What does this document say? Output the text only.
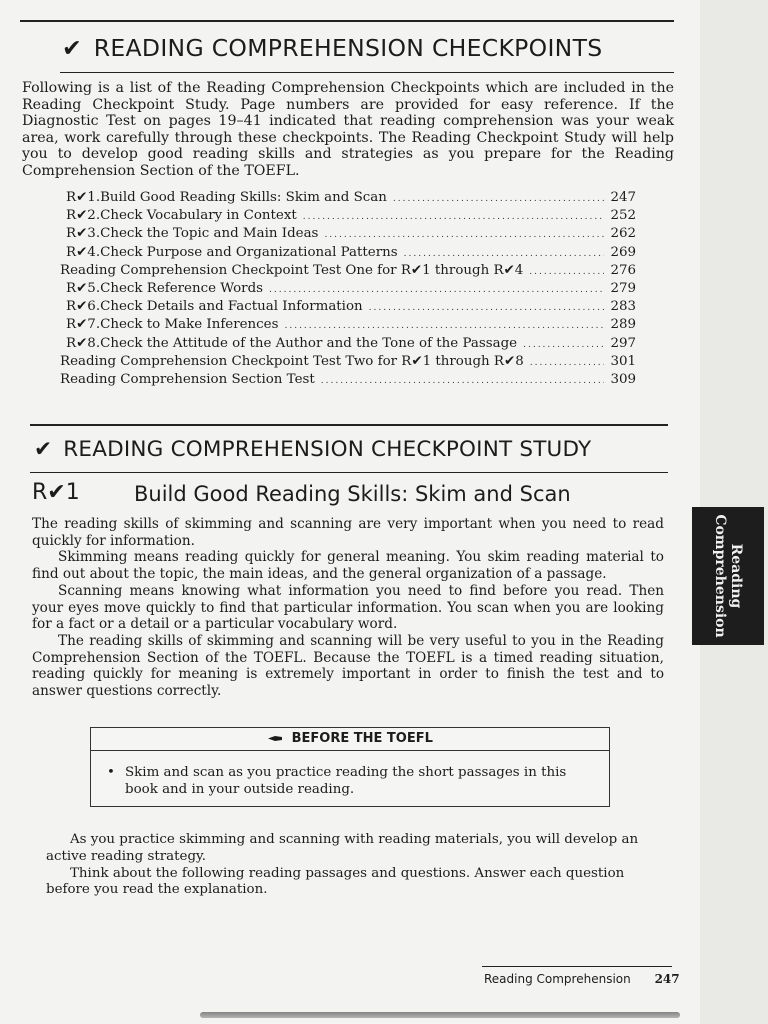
✔ READING COMPREHENSION CHECKPOINTS
Following is a list of the Reading Comprehension Checkpoints which are included in the Reading Checkpoint Study. Page numbers are provided for easy reference. If the Diagnostic Test on pages 19–41 indicated that reading comprehension was your weak area, work carefully through these checkpoints. The Reading Checkpoint Study will help you to develop good reading skills and strategies as you prepare for the Reading Comprehension Section of the TOEFL.
R✔1. Build Good Reading Skills: Skim and Scan .....	247
R✔2. Check Vocabulary in Context .....	252
R✔3. Check the Topic and Main Ideas .....	262
R✔4. Check Purpose and Organizational Patterns .....	269
Reading Comprehension Checkpoint Test One for R✔1 through R✔4 .....	276
R✔5. Check Reference Words .....	279
R✔6. Check Details and Factual Information .....	283
R✔7. Check to Make Inferences .....	289
R✔8. Check the Attitude of the Author and the Tone of the Passage .....	297
Reading Comprehension Checkpoint Test Two for R✔1 through R✔8 .....	301
Reading Comprehension Section Test .....	309
✔ READING COMPREHENSION CHECKPOINT STUDY
R✔1	Build Good Reading Skills: Skim and Scan

The reading skills of skimming and scanning are very important when you need to read quickly for information.

Skimming means reading quickly for general meaning. You skim reading material to find out about the topic, the main ideas, and the general organization of a passage.

Scanning means knowing what information you need to find before you read. Then your eyes move quickly to find that particular information. You scan when you are looking for a fact or a detail or a particular vocabulary word.

The reading skills of skimming and scanning will be very useful to you in the Reading Comprehension Section of the TOEFL. Because the TOEFL is a timed reading situation, reading quickly for meaning is extremely important in order to finish the test and to answer questions correctly.

BEFORE THE TOEFL
• Skim and scan as you practice reading the short passages in this book and in your outside reading.

As you practice skimming and scanning with reading materials, you will develop an active reading strategy.

Think about the following reading passages and questions. Answer each question before you read the explanation.

Reading Comprehension 247
Reading
Comprehension
